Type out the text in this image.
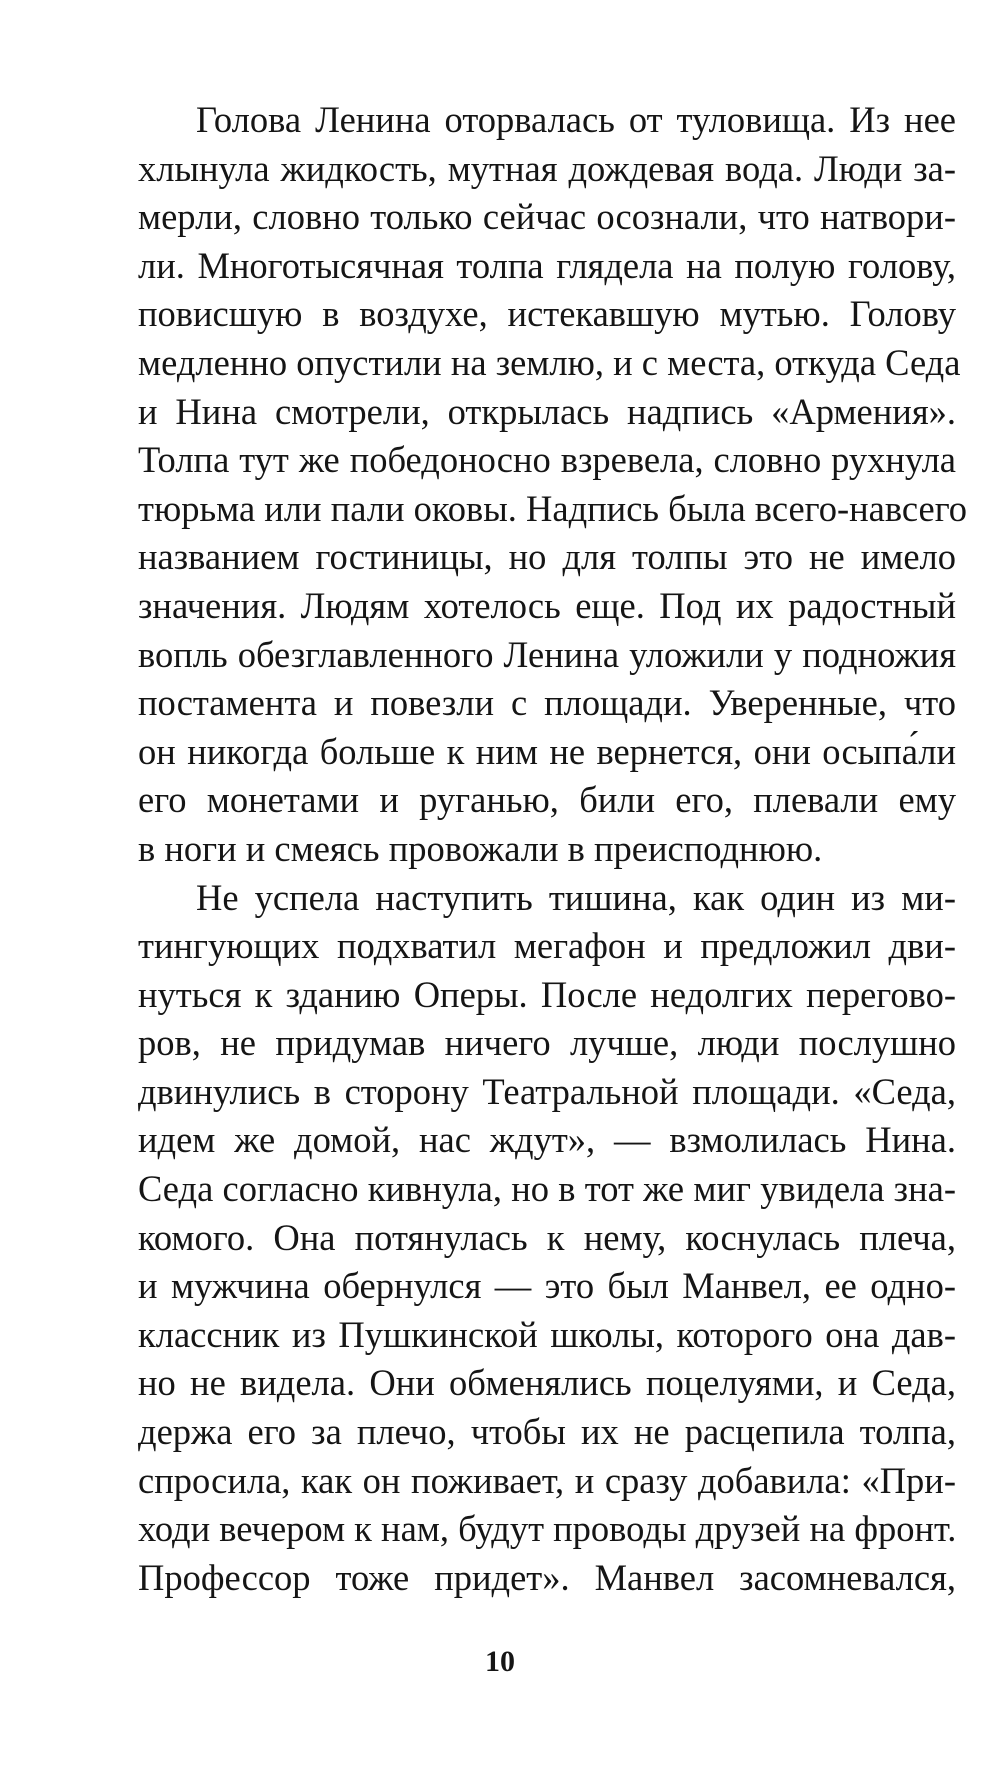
Голова Ленина оторвалась от туловища. Из нее
хлынула жидкость, мутная дождевая вода. Люди за-
мерли, словно только сейчас осознали, что натвори-
ли. Многотысячная толпа глядела на полую голову,
повисшую в воздухе, истекавшую мутью. Голову
медленно опустили на землю, и с места, откуда Седа
и Нина смотрели, открылась надпись «Армения».
Толпа тут же победоносно взревела, словно рухнула
тюрьма или пали оковы. Надпись была всего-навсего
названием гостиницы, но для толпы это не имело
значения. Людям хотелось еще. Под их радостный
вопль обезглавленного Ленина уложили у подножия
постамента и повезли с площади. Уверенные, что
он никогда больше к ним не вернется, они осыпа́ли
его монетами и руганью, били его, плевали ему
в ноги и смеясь провожали в преисподнюю.

Не успела наступить тишина, как один из ми-
тингующих подхватил мегафон и предложил дви-
нуться к зданию Оперы. После недолгих перегово-
ров, не придумав ничего лучше, люди послушно
двинулись в сторону Театральной площади. «Седа,
идем же домой, нас ждут», — взмолилась Нина.
Седа согласно кивнула, но в тот же миг увидела зна-
комого. Она потянулась к нему, коснулась плеча,
и мужчина обернулся — это был Манвел, ее одно-
классник из Пушкинской школы, которого она дав-
но не видела. Они обменялись поцелуями, и Седа,
держа его за плечо, чтобы их не расцепила толпа,
спросила, как он поживает, и сразу добавила: «При-
ходи вечером к нам, будут проводы друзей на фронт.
Профессор тоже придет». Манвел засомневался,

10
